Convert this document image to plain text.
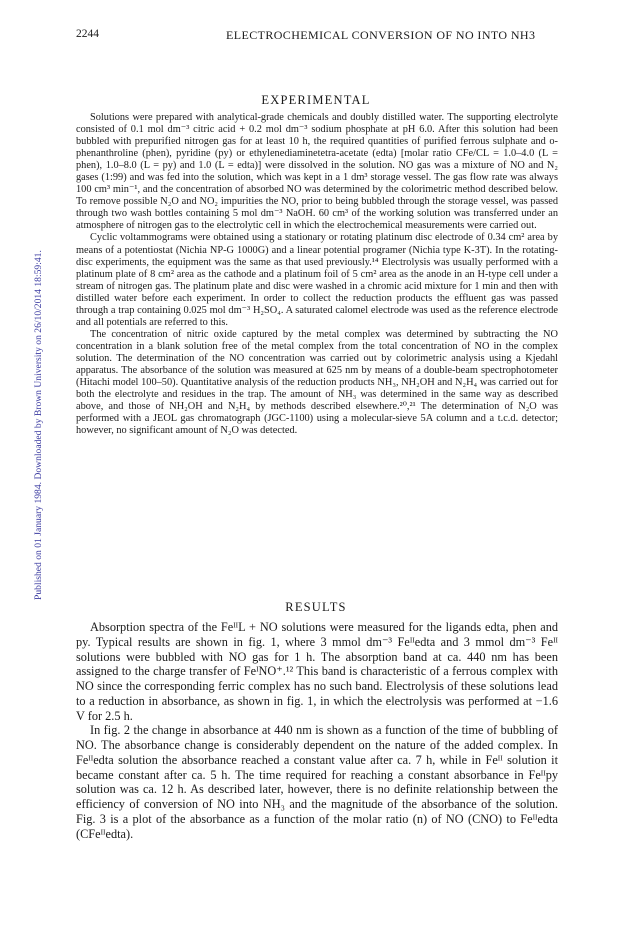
2244	ELECTROCHEMICAL CONVERSION OF NO INTO NH3
Published on 01 January 1984. Downloaded by Brown University on 26/10/2014 18:59:41.
EXPERIMENTAL

Solutions were prepared with analytical-grade chemicals and doubly distilled water. The supporting electrolyte consisted of 0.1 mol dm⁻³ citric acid + 0.2 mol dm⁻³ sodium phosphate at pH 6.0. After this solution had been bubbled with prepurified nitrogen gas for at least 10 h, the required quantities of purified ferrous sulphate and o-phenanthroline (phen), pyridine (py) or ethylenediaminetetra-acetate (edta) [molar ratio CFe/CL = 1.0–4.0 (L = phen), 1.0–8.0 (L = py) and 1.0 (L = edta)] were dissolved in the solution. NO gas was a mixture of NO and N₂ gases (1:99) and was fed into the solution, which was kept in a 1 dm³ storage vessel. The gas flow rate was always 100 cm³ min⁻¹, and the concentration of absorbed NO was determined by the colorimetric method described below. To remove possible N₂O and NO₂ impurities the NO, prior to being bubbled through the storage vessel, was passed through two wash bottles containing 5 mol dm⁻³ NaOH. 60 cm³ of the working solution was transferred under an atmosphere of nitrogen gas to the electrolytic cell in which the electrochemical measurements were carried out.

Cyclic voltammograms were obtained using a stationary or rotating platinum disc electrode of 0.34 cm² area by means of a potentiostat (Nichia NP-G 1000G) and a linear potential programer (Nichia type K-3T). In the rotating-disc experiments, the equipment was the same as that used previously.¹⁴ Electrolysis was usually performed with a platinum plate of 8 cm² area as the cathode and a platinum foil of 5 cm² area as the anode in an H-type cell under a stream of nitrogen gas. The platinum plate and disc were washed in a chromic acid mixture for 1 min and then with distilled water before each experiment. In order to collect the reduction products the effluent gas was passed through a trap containing 0.025 mol dm⁻³ H₂SO₄. A saturated calomel electrode was used as the reference electrode and all potentials are referred to this.

The concentration of nitric oxide captured by the metal complex was determined by subtracting the NO concentration in a blank solution free of the metal complex from the total concentration of NO in the complex solution. The determination of the NO concentration was carried out by colorimetric analysis using a Kjedahl apparatus. The absorbance of the solution was measured at 625 nm by means of a double-beam spectrophotometer (Hitachi model 100–50). Quantitative analysis of the reduction products NH₃, NH₂OH and N₂H₄ was carried out for both the electrolyte and residues in the trap. The amount of NH₃ was determined in the same way as described above, and those of NH₂OH and N₂H₄ by methods described elsewhere.²⁰,²¹ The determination of N₂O was performed with a JEOL gas chromatograph (JGC-1100) using a molecular-sieve 5A column and a t.c.d. detector; however, no significant amount of N₂O was detected.

RESULTS

Absorption spectra of the FeᴵᴵL + NO solutions were measured for the ligands edta, phen and py. Typical results are shown in fig. 1, where 3 mmol dm⁻³ Feᴵᴵedta and 3 mmol dm⁻³ Feᴵᴵ solutions were bubbled with NO gas for 1 h. The absorption band at ca. 440 nm has been assigned to the charge transfer of FeᴵNO⁺.¹² This band is characteristic of a ferrous complex with NO since the corresponding ferric complex has no such band. Electrolysis of these solutions lead to a reduction in absorbance, as shown in fig. 1, in which the electrolysis was performed at −1.6 V for 2.5 h.

In fig. 2 the change in absorbance at 440 nm is shown as a function of the time of bubbling of NO. The absorbance change is considerably dependent on the nature of the added complex. In Feᴵᴵedta solution the absorbance reached a constant value after ca. 7 h, while in Feᴵᴵ solution it became constant after ca. 5 h. The time required for reaching a constant absorbance in Feᴵᴵpy solution was ca. 12 h. As described later, however, there is no definite relationship between the efficiency of conversion of NO into NH₃ and the magnitude of the absorbance of the solution. Fig. 3 is a plot of the absorbance as a function of the molar ratio (n) of NO (CNO) to Feᴵᴵedta (CFeᴵᴵedta).
